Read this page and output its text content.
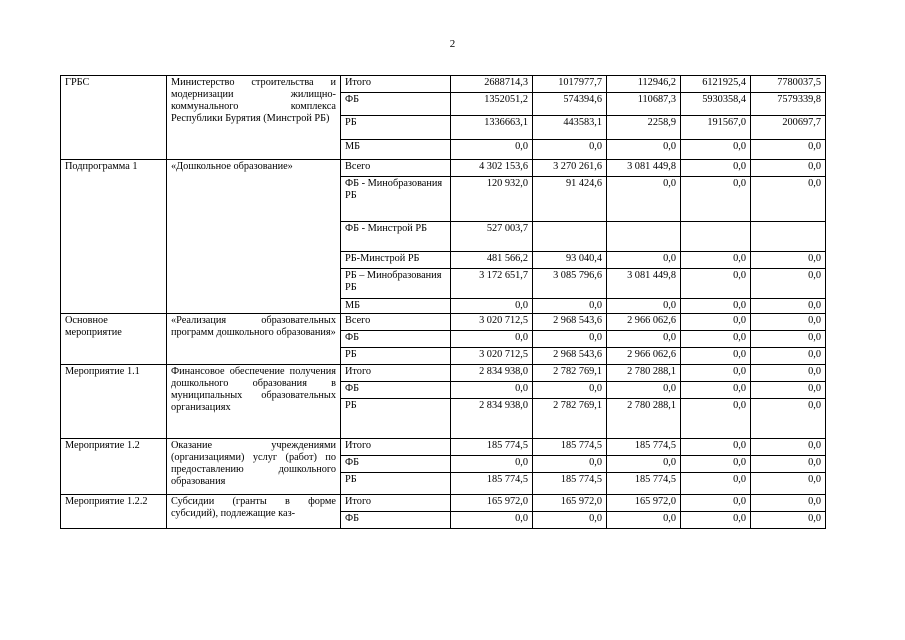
2
ГРБС	Министерство строительства и модернизации жилищно-коммунального комплекса Республики Бурятия (Минстрой РБ)	Итого	2688714,3	1017977,7	112946,2	6121925,4	7780037,5
		ФБ	1352051,2	574394,6	110687,3	5930358,4	7579339,8
		РБ	1336663,1	443583,1	2258,9	191567,0	200697,7
		МБ	0,0	0,0	0,0	0,0	0,0
Подпрограмма 1	«Дошкольное образование»	Всего	4 302 153,6	3 270 261,6	3 081 449,8	0,0	0,0
		ФБ - Минобразования РБ	120 932,0	91 424,6	0,0	0,0	0,0
		ФБ - Минстрой РБ	527 003,7				
		РБ-Минстрой РБ	481 566,2	93 040,4	0,0	0,0	0,0
		РБ – Минобразования РБ	3 172 651,7	3 085 796,6	3 081 449,8	0,0	0,0
		МБ	0,0	0,0	0,0	0,0	0,0
Основное мероприятие	«Реализация образовательных программ дошкольного образования»	Всего	3 020 712,5	2 968 543,6	2 966 062,6	0,0	0,0
		ФБ	0,0	0,0	0,0	0,0	0,0
		РБ	3 020 712,5	2 968 543,6	2 966 062,6	0,0	0,0
Мероприятие 1.1	Финансовое обеспечение получения дошкольного образования в муниципальных образовательных организациях	Итого	2 834 938,0	2 782 769,1	2 780 288,1	0,0	0,0
		ФБ	0,0	0,0	0,0	0,0	0,0
		РБ	2 834 938,0	2 782 769,1	2 780 288,1	0,0	0,0
Мероприятие 1.2	Оказание учреждениями (организациями) услуг (работ) по предоставлению дошкольного образования	Итого	185 774,5	185 774,5	185 774,5	0,0	0,0
		ФБ	0,0	0,0	0,0	0,0	0,0
		РБ	185 774,5	185 774,5	185 774,5	0,0	0,0
Мероприятие 1.2.2	Субсидии (гранты в форме субсидий), подлежащие каз-	Итого	165 972,0	165 972,0	165 972,0	0,0	0,0
		ФБ	0,0	0,0	0,0	0,0	0,0
